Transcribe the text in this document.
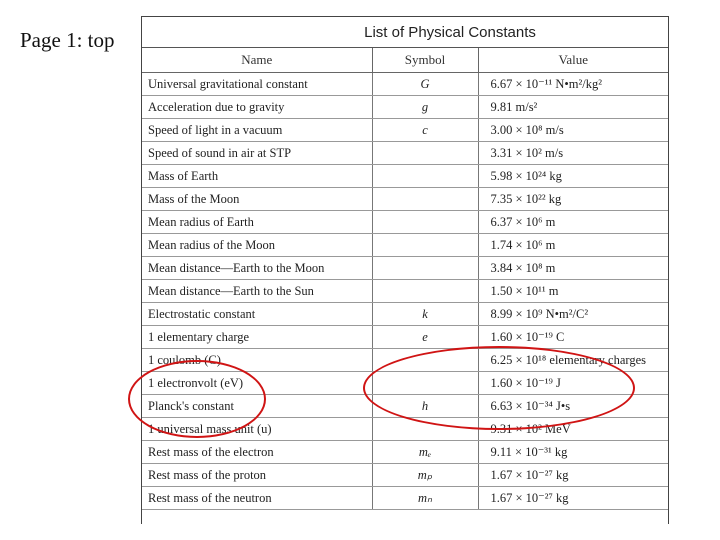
Page 1: top	List of Physical Constants
Name	Symbol	Value
Universal gravitational constant	G	6.67 × 10⁻¹¹ N•m²/kg²
Acceleration due to gravity	g	9.81 m/s²
Speed of light in a vacuum	c	3.00 × 10⁸ m/s
Speed of sound in air at STP		3.31 × 10² m/s
Mass of Earth		5.98 × 10²⁴ kg
Mass of the Moon		7.35 × 10²² kg
Mean radius of Earth		6.37 × 10⁶ m
Mean radius of the Moon		1.74 × 10⁶ m
Mean distance—Earth to the Moon		3.84 × 10⁸ m
Mean distance—Earth to the Sun		1.50 × 10¹¹ m
Electrostatic constant	k	8.99 × 10⁹ N•m²/C²
1 elementary charge	e	1.60 × 10⁻¹⁹ C
1 coulomb (C)		6.25 × 10¹⁸ elementary charges
1 electronvolt (eV)		1.60 × 10⁻¹⁹ J
Planck's constant	h	6.63 × 10⁻³⁴ J•s
1 universal mass unit (u)		9.31 × 10² MeV
Rest mass of the electron	mₑ	9.11 × 10⁻³¹ kg
Rest mass of the proton	mₚ	1.67 × 10⁻²⁷ kg
Rest mass of the neutron	mₙ	1.67 × 10⁻²⁷ kg
